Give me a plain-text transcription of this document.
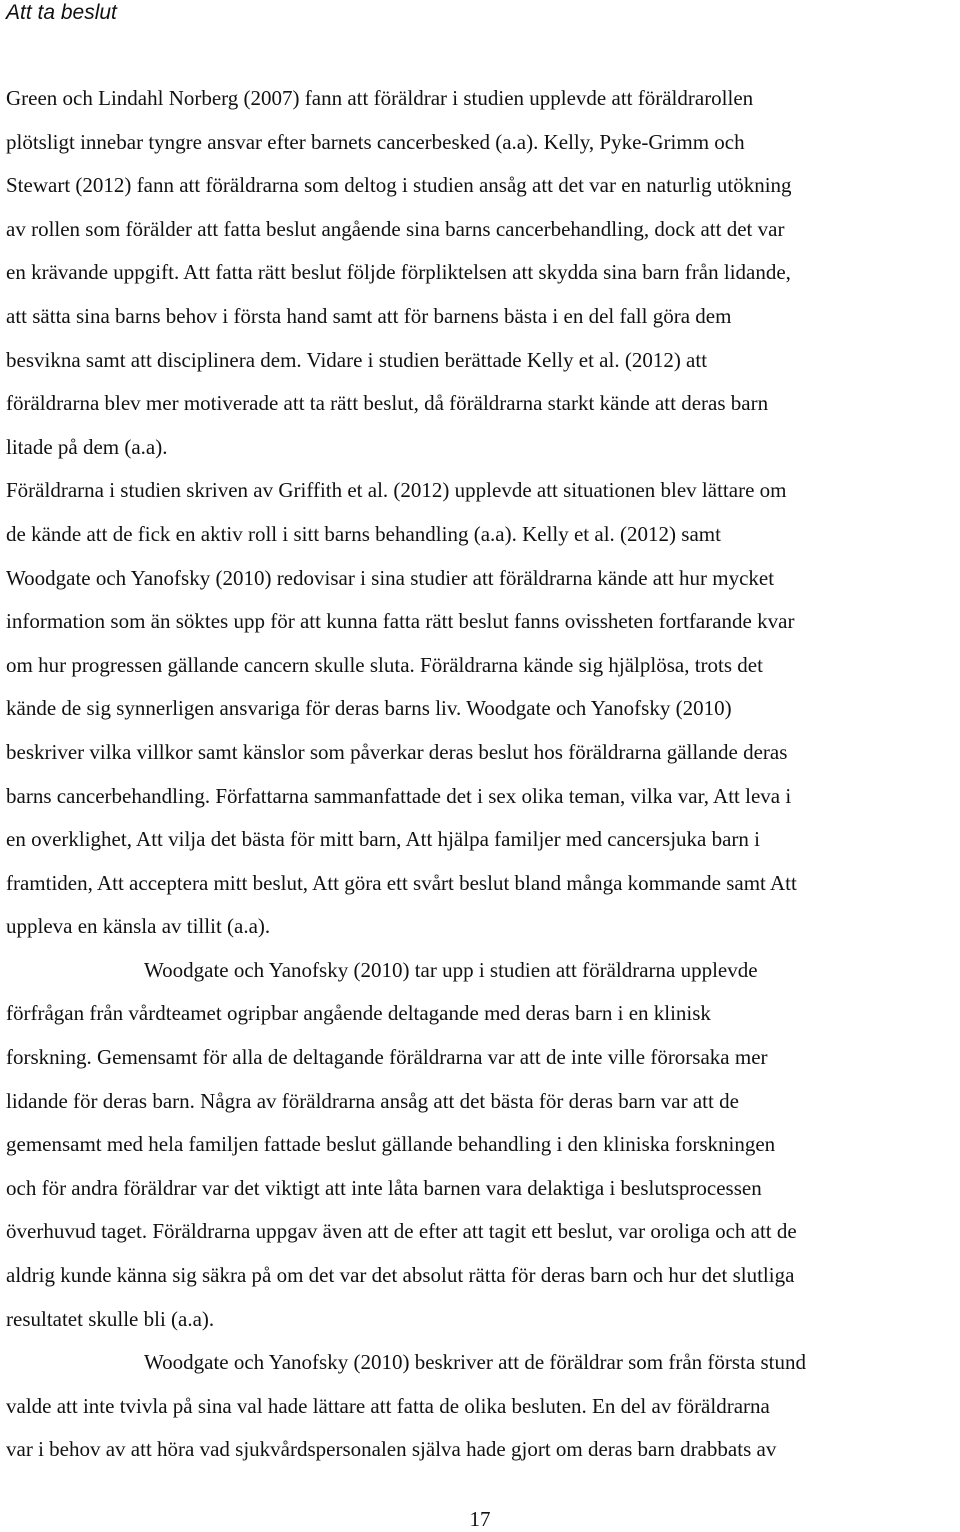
Att ta beslut
Green och Lindahl Norberg (2007) fann att föräldrar i studien upplevde att föräldrarollen
plötsligt innebar tyngre ansvar efter barnets cancerbesked (a.a). Kelly, Pyke-Grimm och
Stewart (2012) fann att föräldrarna som deltog i studien ansåg att det var en naturlig utökning
av rollen som förälder att fatta beslut angående sina barns cancerbehandling, dock att det var
en krävande uppgift. Att fatta rätt beslut följde förpliktelsen att skydda sina barn från lidande,
att sätta sina barns behov i första hand samt att för barnens bästa i en del fall göra dem
besvikna samt att disciplinera dem. Vidare i studien berättade Kelly et al. (2012) att
föräldrarna blev mer motiverade att ta rätt beslut, då föräldrarna starkt kände att deras barn
litade på dem (a.a).
Föräldrarna i studien skriven av Griffith et al. (2012) upplevde att situationen blev lättare om
de kände att de fick en aktiv roll i sitt barns behandling (a.a). Kelly et al. (2012) samt
Woodgate och Yanofsky (2010) redovisar i sina studier att föräldrarna kände att hur mycket
information som än söktes upp för att kunna fatta rätt beslut fanns ovissheten fortfarande kvar
om hur progressen gällande cancern skulle sluta. Föräldrarna kände sig hjälplösa, trots det
kände de sig synnerligen ansvariga för deras barns liv. Woodgate och Yanofsky (2010)
beskriver vilka villkor samt känslor som påverkar deras beslut hos föräldrarna gällande deras
barns cancerbehandling. Författarna sammanfattade det i sex olika teman, vilka var, Att leva i
en overklighet, Att vilja det bästa för mitt barn, Att hjälpa familjer med cancersjuka barn i
framtiden, Att acceptera mitt beslut, Att göra ett svårt beslut bland många kommande samt Att
uppleva en känsla av tillit (a.a).
Woodgate och Yanofsky (2010) tar upp i studien att föräldrarna upplevde
förfrågan från vårdteamet ogripbar angående deltagande med deras barn i en klinisk
forskning. Gemensamt för alla de deltagande föräldrarna var att de inte ville förorsaka mer
lidande för deras barn. Några av föräldrarna ansåg att det bästa för deras barn var att de
gemensamt med hela familjen fattade beslut gällande behandling i den kliniska forskningen
och för andra föräldrar var det viktigt att inte låta barnen vara delaktiga i beslutsprocessen
överhuvud taget. Föräldrarna uppgav även att de efter att tagit ett beslut, var oroliga och att de
aldrig kunde känna sig säkra på om det var det absolut rätta för deras barn och hur det slutliga
resultatet skulle bli (a.a).
Woodgate och Yanofsky (2010) beskriver att de föräldrar som från första stund
valde att inte tvivla på sina val hade lättare att fatta de olika besluten. En del av föräldrarna
var i behov av att höra vad sjukvårdspersonalen själva hade gjort om deras barn drabbats av
17
